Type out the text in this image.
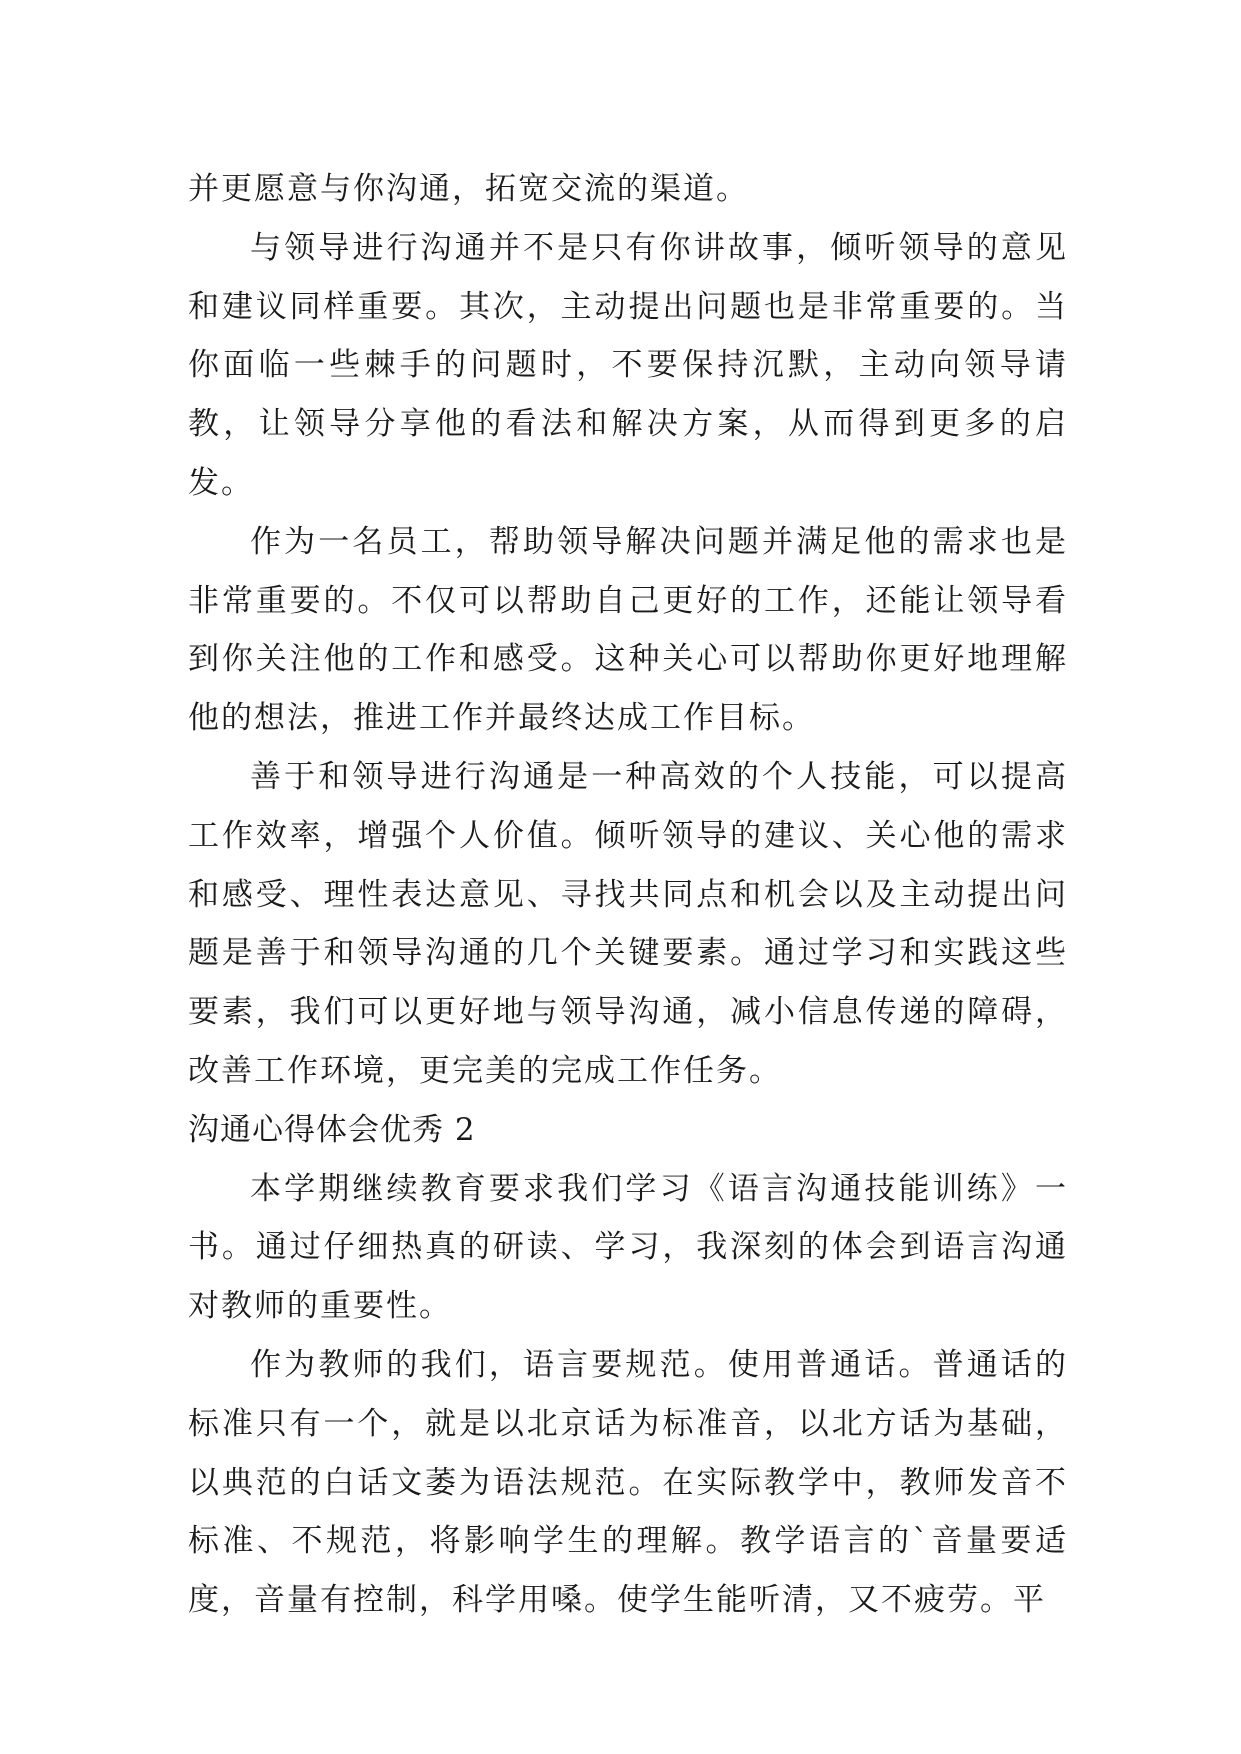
并更愿意与你沟通，拓宽交流的渠道。

与领导进行沟通并不是只有你讲故事，倾听领导的意见和建议同样重要。其次，主动提出问题也是非常重要的。当你面临一些棘手的问题时，不要保持沉默，主动向领导请教，让领导分享他的看法和解决方案，从而得到更多的启发。

作为一名员工，帮助领导解决问题并满足他的需求也是非常重要的。不仅可以帮助自己更好的工作，还能让领导看到你关注他的工作和感受。这种关心可以帮助你更好地理解他的想法，推进工作并最终达成工作目标。

善于和领导进行沟通是一种高效的个人技能，可以提高工作效率，增强个人价值。倾听领导的建议、关心他的需求和感受、理性表达意见、寻找共同点和机会以及主动提出问题是善于和领导沟通的几个关键要素。通过学习和实践这些要素，我们可以更好地与领导沟通，减小信息传递的障碍，改善工作环境，更完美的完成工作任务。

沟通心得体会优秀 2

本学期继续教育要求我们学习《语言沟通技能训练》一书。通过仔细热真的研读、学习，我深刻的体会到语言沟通对教师的重要性。

作为教师的我们，语言要规范。使用普通话。普通话的标准只有一个，就是以北京话为标准音，以北方话为基础，以典范的白话文萎为语法规范。在实际教学中，教师发音不标准、不规范，将影响学生的理解。教学语言的`音量要适度，音量有控制，科学用嗓。使学生能听清，又不疲劳。平
